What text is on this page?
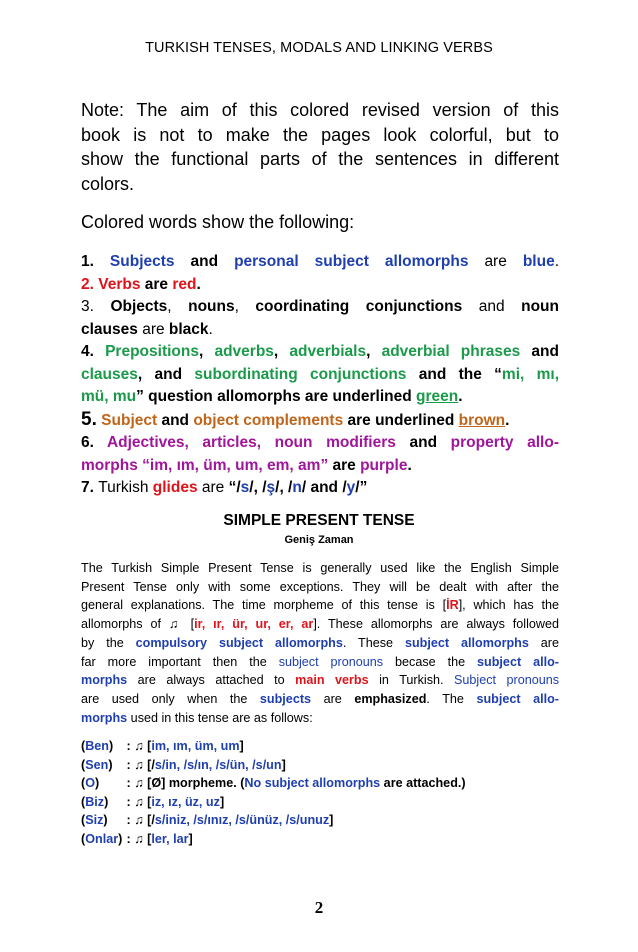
TURKISH TENSES, MODALS AND LINKING VERBS
Note: The aim of this colored revised version of this
book is not to make the pages look colorful, but to
show the functional parts of the sentences in different
colors.
Colored words show the following:
1. Subjects and personal subject allomorphs are blue.
2. Verbs are red.
3. Objects, nouns, coordinating conjunctions and noun
clauses are black.
4. Prepositions, adverbs, adverbials, adverbial phrases and
clauses, and subordinating conjunctions and the “mi, mı,
mü, mu” question allomorphs are underlined green.
5. Subject and object complements are underlined brown.
6. Adjectives, articles, noun modifiers and property allo-
morphs “im, ım, üm, um, em, am” are purple.
7. Turkish glides are “/s/, /ş/, /n/ and /y/”
SIMPLE PRESENT TENSE
Geniş Zaman
The Turkish Simple Present Tense is generally used like the English Simple
Present Tense only with some exceptions. They will be dealt with after the
general explanations. The time morpheme of this tense is [İR], which has the
allomorphs of ♫ [ir, ır, ür, ur, er, ar]. These allomorphs are always followed
by the compulsory subject allomorphs. These subject allomorphs are
far more important then the subject pronouns becase the subject allo-
morphs are always attached to main verbs in Turkish. Subject pronouns
are used only when the subjects are emphasized. The subject allo-
morphs used in this tense are as follows:
(Ben) : ♫ [im, ım, üm, um]
(Sen) : ♫ [/s/in, /s/ın, /s/ün, /s/un]
(O) : ♫ [Ø] morpheme. (No subject allomorphs are attached.)
(Biz) : ♫ [iz, ız, üz, uz]
(Siz) : ♫ [/s/iniz, /s/ınız, /s/ünüz, /s/unuz]
(Onlar) : ♫ [ler, lar]
2
